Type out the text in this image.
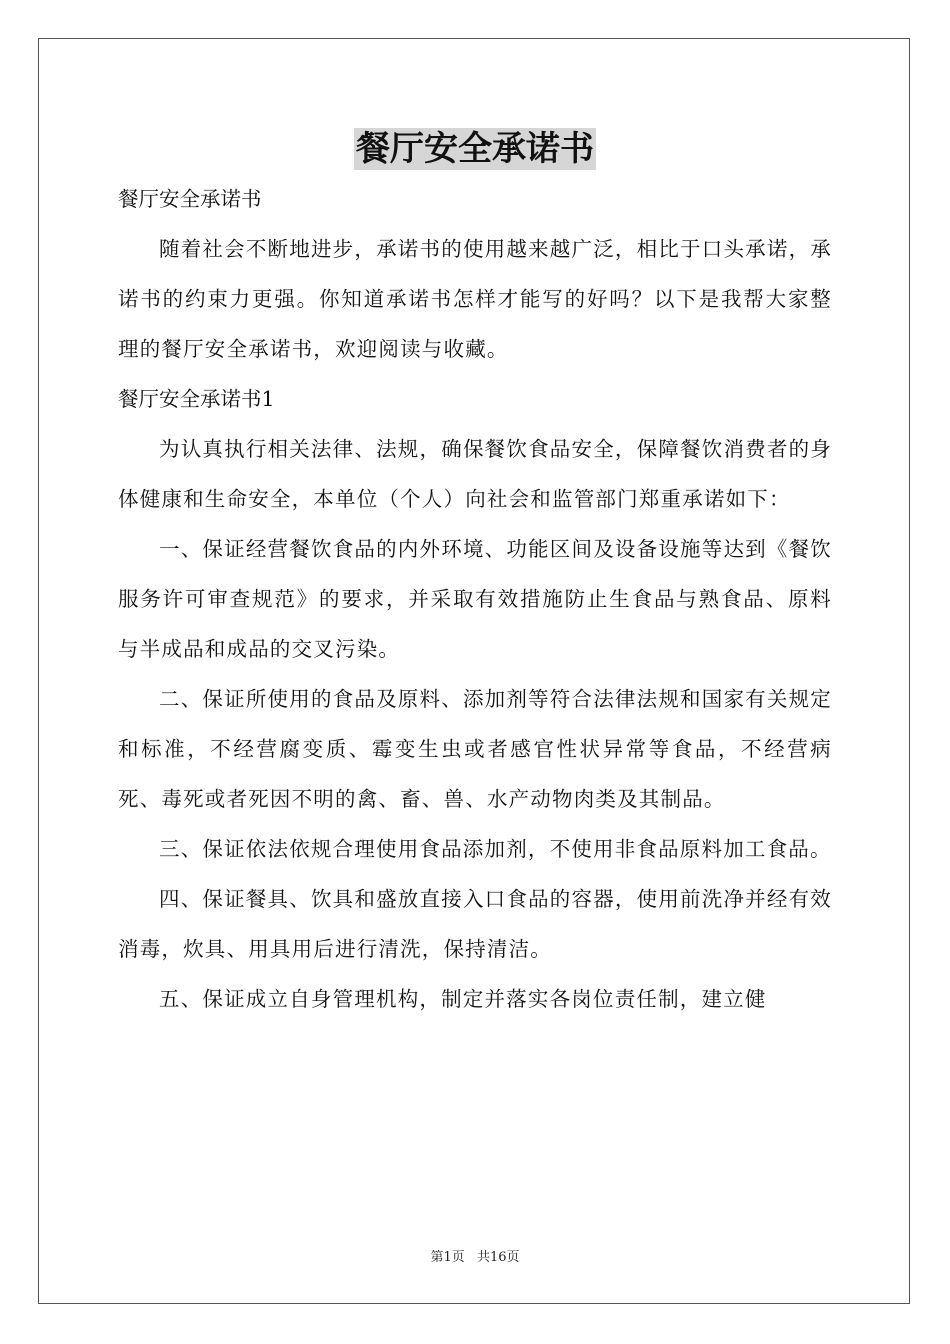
餐厅安全承诺书

餐厅安全承诺书

随着社会不断地进步，承诺书的使用越来越广泛，相比于口头承诺，承诺书的约束力更强。你知道承诺书怎样才能写的好吗？以下是我帮大家整理的餐厅安全承诺书，欢迎阅读与收藏。

餐厅安全承诺书1

为认真执行相关法律、法规，确保餐饮食品安全，保障餐饮消费者的身体健康和生命安全，本单位（个人）向社会和监管部门郑重承诺如下：

一、保证经营餐饮食品的内外环境、功能区间及设备设施等达到《餐饮服务许可审查规范》的要求，并采取有效措施防止生食品与熟食品、原料与半成品和成品的交叉污染。

二、保证所使用的食品及原料、添加剂等符合法律法规和国家有关规定和标准，不经营腐变质、霉变生虫或者感官性状异常等食品，不经营病死、毒死或者死因不明的禽、畜、兽、水产动物肉类及其制品。

三、保证依法依规合理使用食品添加剂，不使用非食品原料加工食品。

四、保证餐具、饮具和盛放直接入口食品的容器，使用前洗净并经有效消毒，炊具、用具用后进行清洗，保持清洁。

五、保证成立自身管理机构，制定并落实各岗位责任制，建立健

第1页 共16页
